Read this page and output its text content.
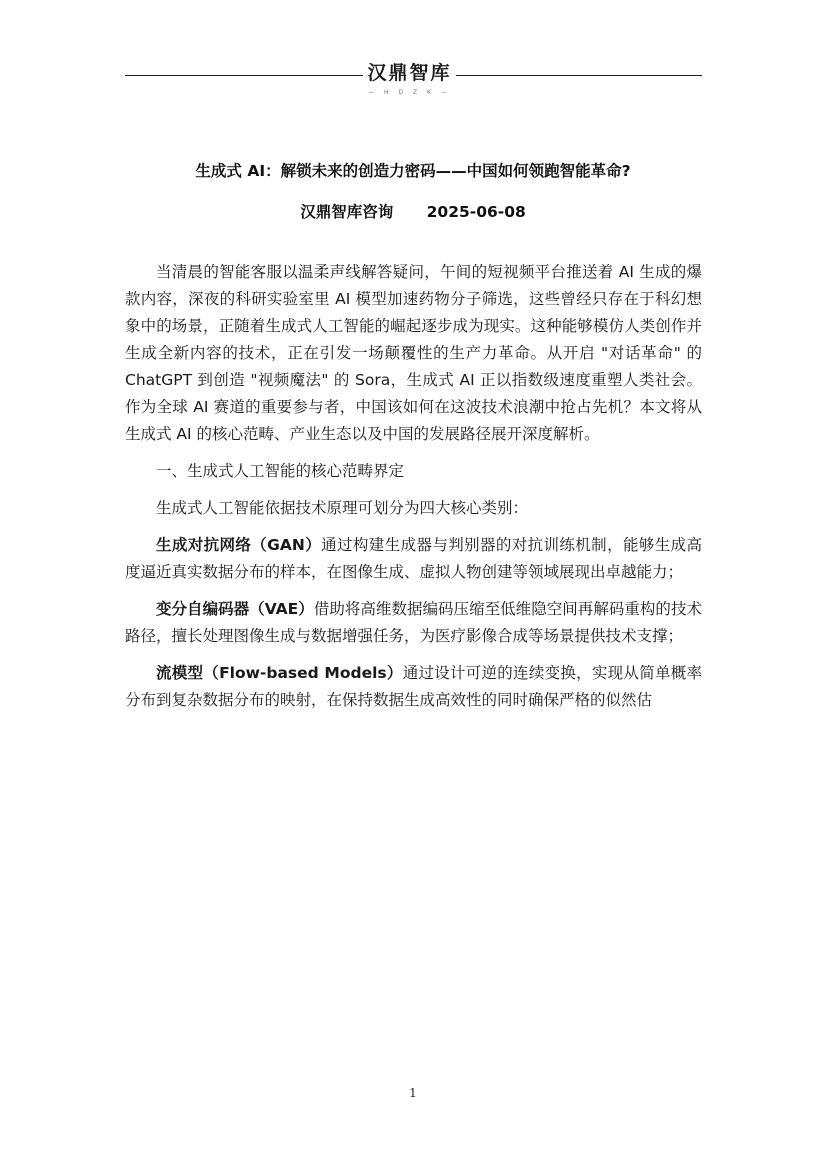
汉鼎智库
— H D Z K —
生成式 AI：解锁未来的创造力密码——中国如何领跑智能革命?
汉鼎智库咨询 2025-06-08

当清晨的智能客服以温柔声线解答疑问，午间的短视频平台推送着 AI 生成的爆款内容，深夜的科研实验室里 AI 模型加速药物分子筛选，这些曾经只存在于科幻想象中的场景，正随着生成式人工智能的崛起逐步成为现实。这种能够模仿人类创作并生成全新内容的技术，正在引发一场颠覆性的生产力革命。从开启 "对话革命" 的 ChatGPT 到创造 "视频魔法" 的 Sora，生成式 AI 正以指数级速度重塑人类社会。作为全球 AI 赛道的重要参与者，中国该如何在这波技术浪潮中抢占先机？本文将从生成式 AI 的核心范畴、产业生态以及中国的发展路径展开深度解析。

一、生成式人工智能的核心范畴界定

生成式人工智能依据技术原理可划分为四大核心类别：

生成对抗网络（GAN）通过构建生成器与判别器的对抗训练机制，能够生成高度逼近真实数据分布的样本，在图像生成、虚拟人物创建等领域展现出卓越能力；

变分自编码器（VAE）借助将高维数据编码压缩至低维隐空间再解码重构的技术路径，擅长处理图像生成与数据增强任务，为医疗影像合成等场景提供技术支撑；

流模型（Flow-based Models）通过设计可逆的连续变换，实现从简单概率分布到复杂数据分布的映射，在保持数据生成高效性的同时确保严格的似然估

1
